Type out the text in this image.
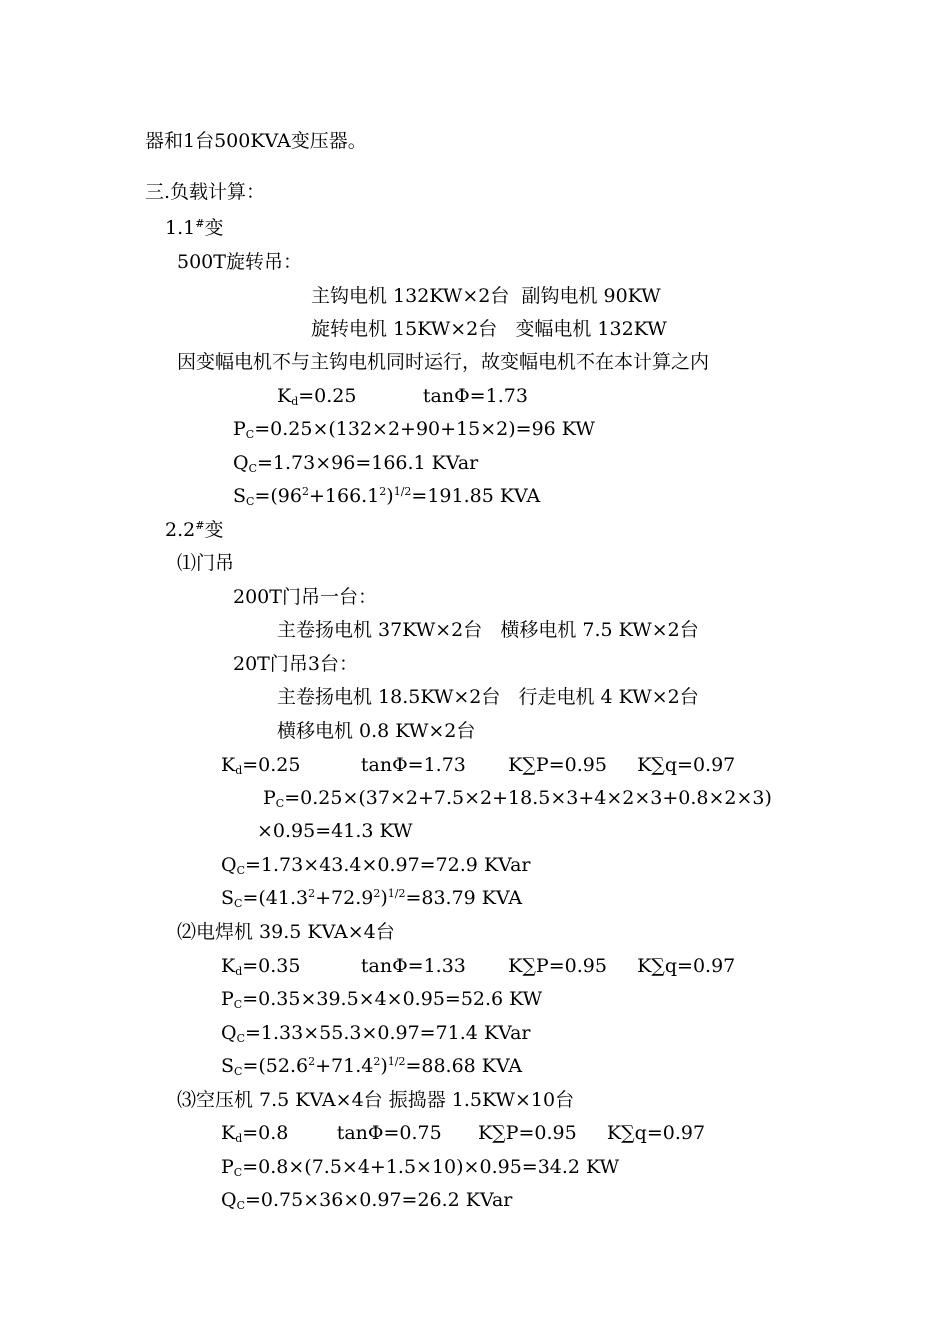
器和1台500KVA变压器。

三.负载计算：

1.1#变

500T旋转吊：

主钩电机 132KW×2台  副钩电机 90KW

旋转电机 15KW×2台   变幅电机 132KW

因变幅电机不与主钩电机同时运行，故变幅电机不在本计算之内

$K_d=0.25$           tanΦ=1.73

$P_C=0.25\times(132\times 2+90+15\times 2)=96$ KW

$Q_C=1.73\times 96=166.1$ KVar

$S_C=(96^2+166.1^2)^{1/2}=191.85$ KVA

2.2#变

⑴门吊

200T门吊一台：

主卷扬电机 37KW×2台   横移电机 7.5 KW×2台

20T门吊3台：

主卷扬电机 18.5KW×2台   行走电机 4 KW×2台

横移电机 0.8 KW×2台

$K_d=0.25$          tanΦ=1.73       K∑P=0.95     K∑q=0.97

$P_C=0.25\times(37\times 2+7.5\times 2+18.5\times 3+4\times 2\times 3+0.8\times 2\times 3)$

×0.95=41.3 KW

$Q_C=1.73\times 43.4\times 0.97=72.9$ KVar

$S_C=(41.3^2+72.9^2)^{1/2}=83.79$ KVA

⑵电焊机 39.5 KVA×4台

$K_d=0.35$          tanΦ=1.33       K∑P=0.95     K∑q=0.97

$P_C=0.35\times 39.5\times 4\times 0.95=52.6$ KW

$Q_C=1.33\times 55.3\times 0.97=71.4$ KVar

$S_C=(52.6^2+71.4^2)^{1/2}=88.68$ KVA

⑶空压机 7.5 KVA×4台 振捣器 1.5KW×10台

$K_d=0.8$        tanΦ=0.75      K∑P=0.95     K∑q=0.97

$P_C=0.8\times(7.5\times 4+1.5\times 10)\times 0.95=34.2$ KW

$Q_C=0.75\times 36\times 0.97=26.2$ KVar
